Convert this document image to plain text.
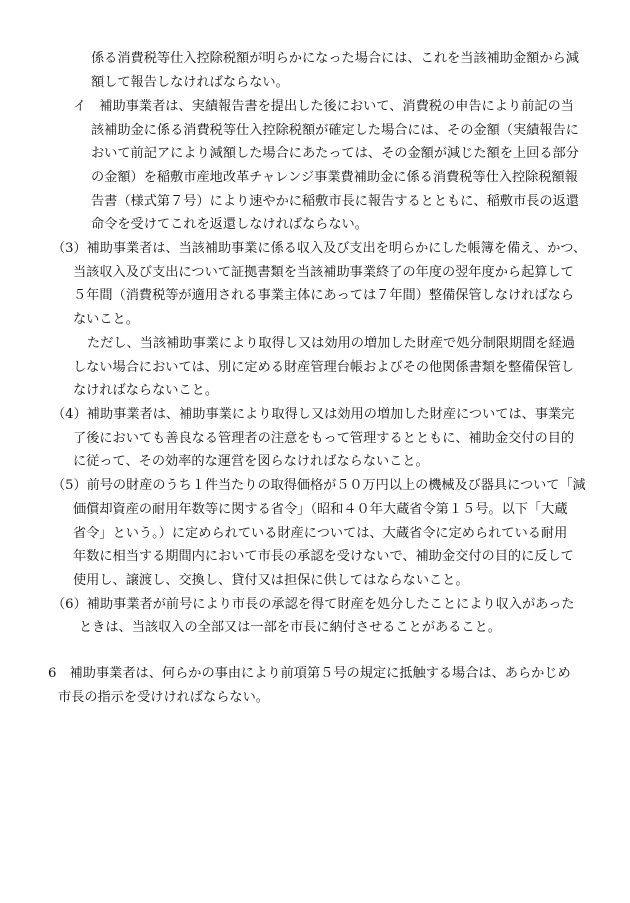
係る消費税等仕入控除税額が明らかになった場合には、これを当該補助金額から減
額して報告しなければならない。
イ　補助事業者は、実績報告書を提出した後において、消費税の申告により前記の当
該補助金に係る消費税等仕入控除税額が確定した場合には、その金額（実績報告に
おいて前記アにより減額した場合にあたっては、その金額が減じた額を上回る部分
の金額）を稲敷市産地改革チャレンジ事業費補助金に係る消費税等仕入控除税額報
告書（様式第７号）により速やかに稲敷市長に報告するとともに、稲敷市長の返還
命令を受けてこれを返還しなければならない。
（3）補助事業者は、当該補助事業に係る収入及び支出を明らかにした帳簿を備え、かつ、
当該収入及び支出について証拠書類を当該補助事業終了の年度の翌年度から起算して
５年間（消費税等が適用される事業主体にあっては７年間）整備保管しなければなら
ないこと。
ただし、当該補助事業により取得し又は効用の増加した財産で処分制限期間を経過
しない場合においては、別に定める財産管理台帳およびその他関係書類を整備保管し
なければならないこと。
（4）補助事業者は、補助事業により取得し又は効用の増加した財産については、事業完
了後においても善良なる管理者の注意をもって管理するとともに、補助金交付の目的
に従って、その効率的な運営を図らなければならないこと。
（5）前号の財産のうち１件当たりの取得価格が５０万円以上の機械及び器具について「減
価償却資産の耐用年数等に関する省令」（昭和４０年大蔵省令第１５号。以下「大蔵
省令」という。）に定められている財産については、大蔵省令に定められている耐用
年数に相当する期間内において市長の承認を受けないで、補助金交付の目的に反して
使用し、譲渡し、交換し、貸付又は担保に供してはならないこと。
（6）補助事業者が前号により市長の承認を得て財産を処分したことにより収入があった
ときは、当該収入の全部又は一部を市長に納付させることがあること。
6　補助事業者は、何らかの事由により前項第５号の規定に抵触する場合は、あらかじめ
市長の指示を受けければならない。
